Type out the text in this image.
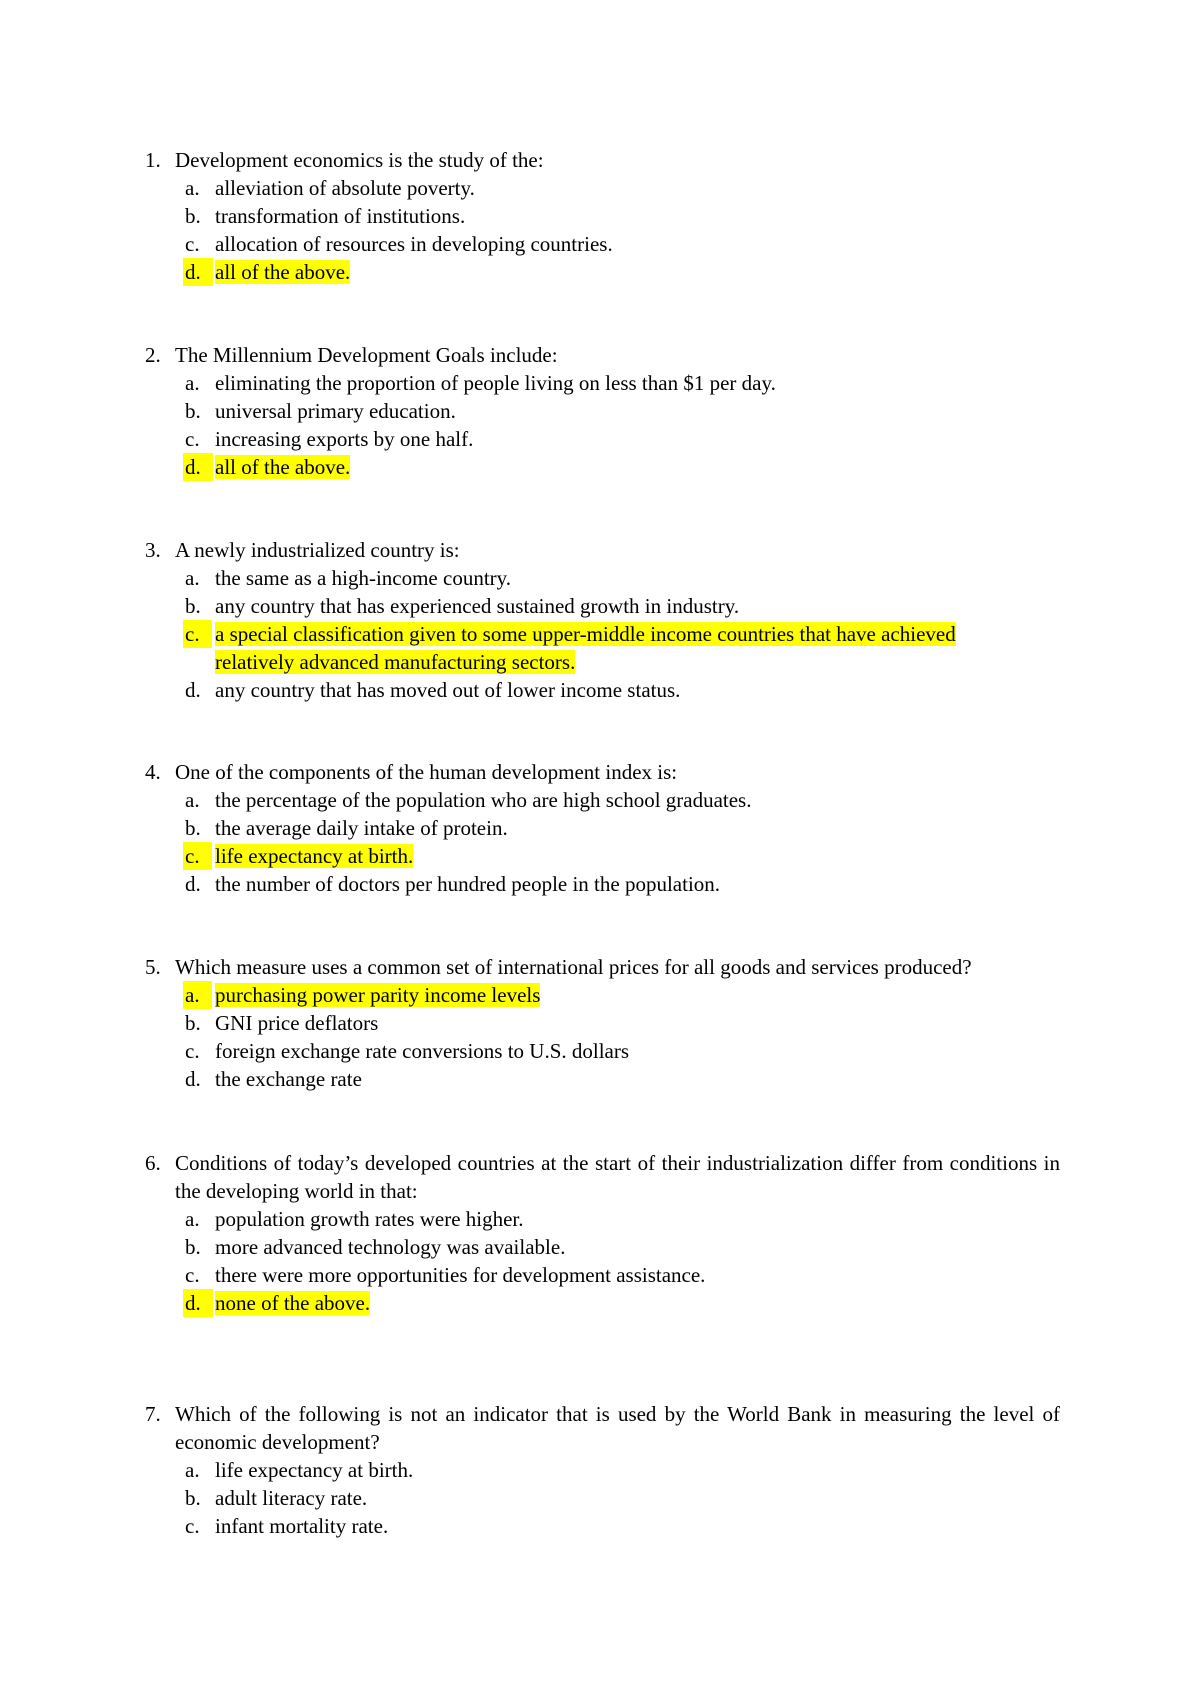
1. Development economics is the study of the:
a. alleviation of absolute poverty.
b. transformation of institutions.
c. allocation of resources in developing countries.
d. all of the above.
2. The Millennium Development Goals include:
a. eliminating the proportion of people living on less than $1 per day.
b. universal primary education.
c. increasing exports by one half.
d. all of the above.
3. A newly industrialized country is:
a. the same as a high-income country.
b. any country that has experienced sustained growth in industry.
c. a special classification given to some upper-middle income countries that have achieved relatively advanced manufacturing sectors.
d. any country that has moved out of lower income status.
4. One of the components of the human development index is:
a. the percentage of the population who are high school graduates.
b. the average daily intake of protein.
c. life expectancy at birth.
d. the number of doctors per hundred people in the population.
5. Which measure uses a common set of international prices for all goods and services produced?
a. purchasing power parity income levels
b. GNI price deflators
c. foreign exchange rate conversions to U.S. dollars
d. the exchange rate
6. Conditions of today’s developed countries at the start of their industrialization differ from conditions in the developing world in that:
a. population growth rates were higher.
b. more advanced technology was available.
c. there were more opportunities for development assistance.
d. none of the above.
7. Which of the following is not an indicator that is used by the World Bank in measuring the level of economic development?
a. life expectancy at birth.
b. adult literacy rate.
c. infant mortality rate.
